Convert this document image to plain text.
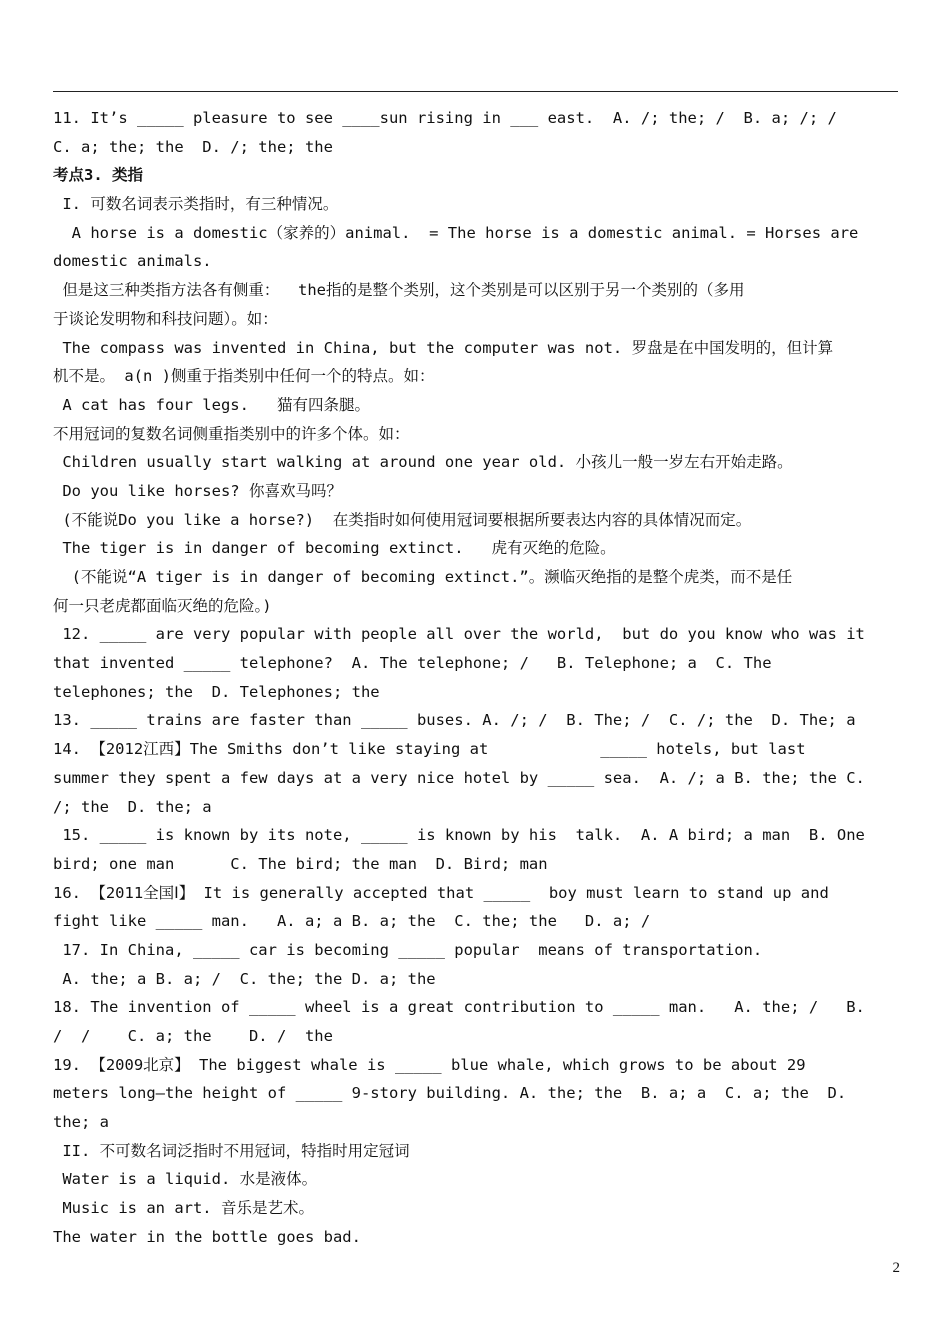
11. It’s _____ pleasure to see ____sun rising in ___ east.  A. /; the; /  B. a; /; /
C. a; the; the  D. /; the; the
考点3. 类指
I. 可数名词表示类指时，有三种情况。
A horse is a domestic（家养的）animal.  = The horse is a domestic animal. = Horses are
domestic animals.
但是这三种类指方法各有侧重：  the指的是整个类别，这个类别是可以区别于另一个类别的（多用
于谈论发明物和科技问题）。如：
The compass was invented in China, but the computer was not. 罗盘是在中国发明的，但计算
机不是。 a(n )侧重于指类别中任何一个的特点。如：
A cat has four legs.   猫有四条腿。
不用冠词的复数名词侧重指类别中的许多个体。如：
Children usually start walking at around one year old. 小孩儿一般一岁左右开始走路。
Do you like horses? 你喜欢马吗？
(不能说Do you like a horse?)  在类指时如何使用冠词要根据所要表达内容的具体情况而定。
The tiger is in danger of becoming extinct.   虎有灭绝的危险。
(不能说“A tiger is in danger of becoming extinct.”。濒临灭绝指的是整个虎类，而不是任
何一只老虎都面临灭绝的危险。)
12. _____ are very popular with people all over the world,  but do you know who was it
that invented _____ telephone?  A. The telephone; /   B. Telephone; a  C. The
telephones; the  D. Telephones; the
13. _____ trains are faster than _____ buses. A. /; /  B. The; /  C. /; the  D. The; a
14. 【2012江西】The Smiths don’t like staying at            _____ hotels, but last
summer they spent a few days at a very nice hotel by _____ sea.  A. /; a B. the; the C.
/; the  D. the; a
15. _____ is known by its note, _____ is known by his  talk.  A. A bird; a man  B. One
bird; one man      C. The bird; the man  D. Bird; man
16. 【2011全国Ⅰ】 It is generally accepted that _____  boy must learn to stand up and
fight like _____ man.   A. a; a B. a; the  C. the; the   D. a; /
17. In China, _____ car is becoming _____ popular  means of transportation.
A. the; a B. a; /  C. the; the D. a; the
18. The invention of _____ wheel is a great contribution to _____ man.   A. the; /   B.
/  /    C. a; the    D. /  the
19. 【2009北京】 The biggest whale is _____ blue whale, which grows to be about 29
meters long—the height of _____ 9-story building. A. the; the  B. a; a  C. a; the  D.
the; a
II. 不可数名词泛指时不用冠词，特指时用定冠词
Water is a liquid. 水是液体。
Music is an art. 音乐是艺术。
The water in the bottle goes bad.
2
